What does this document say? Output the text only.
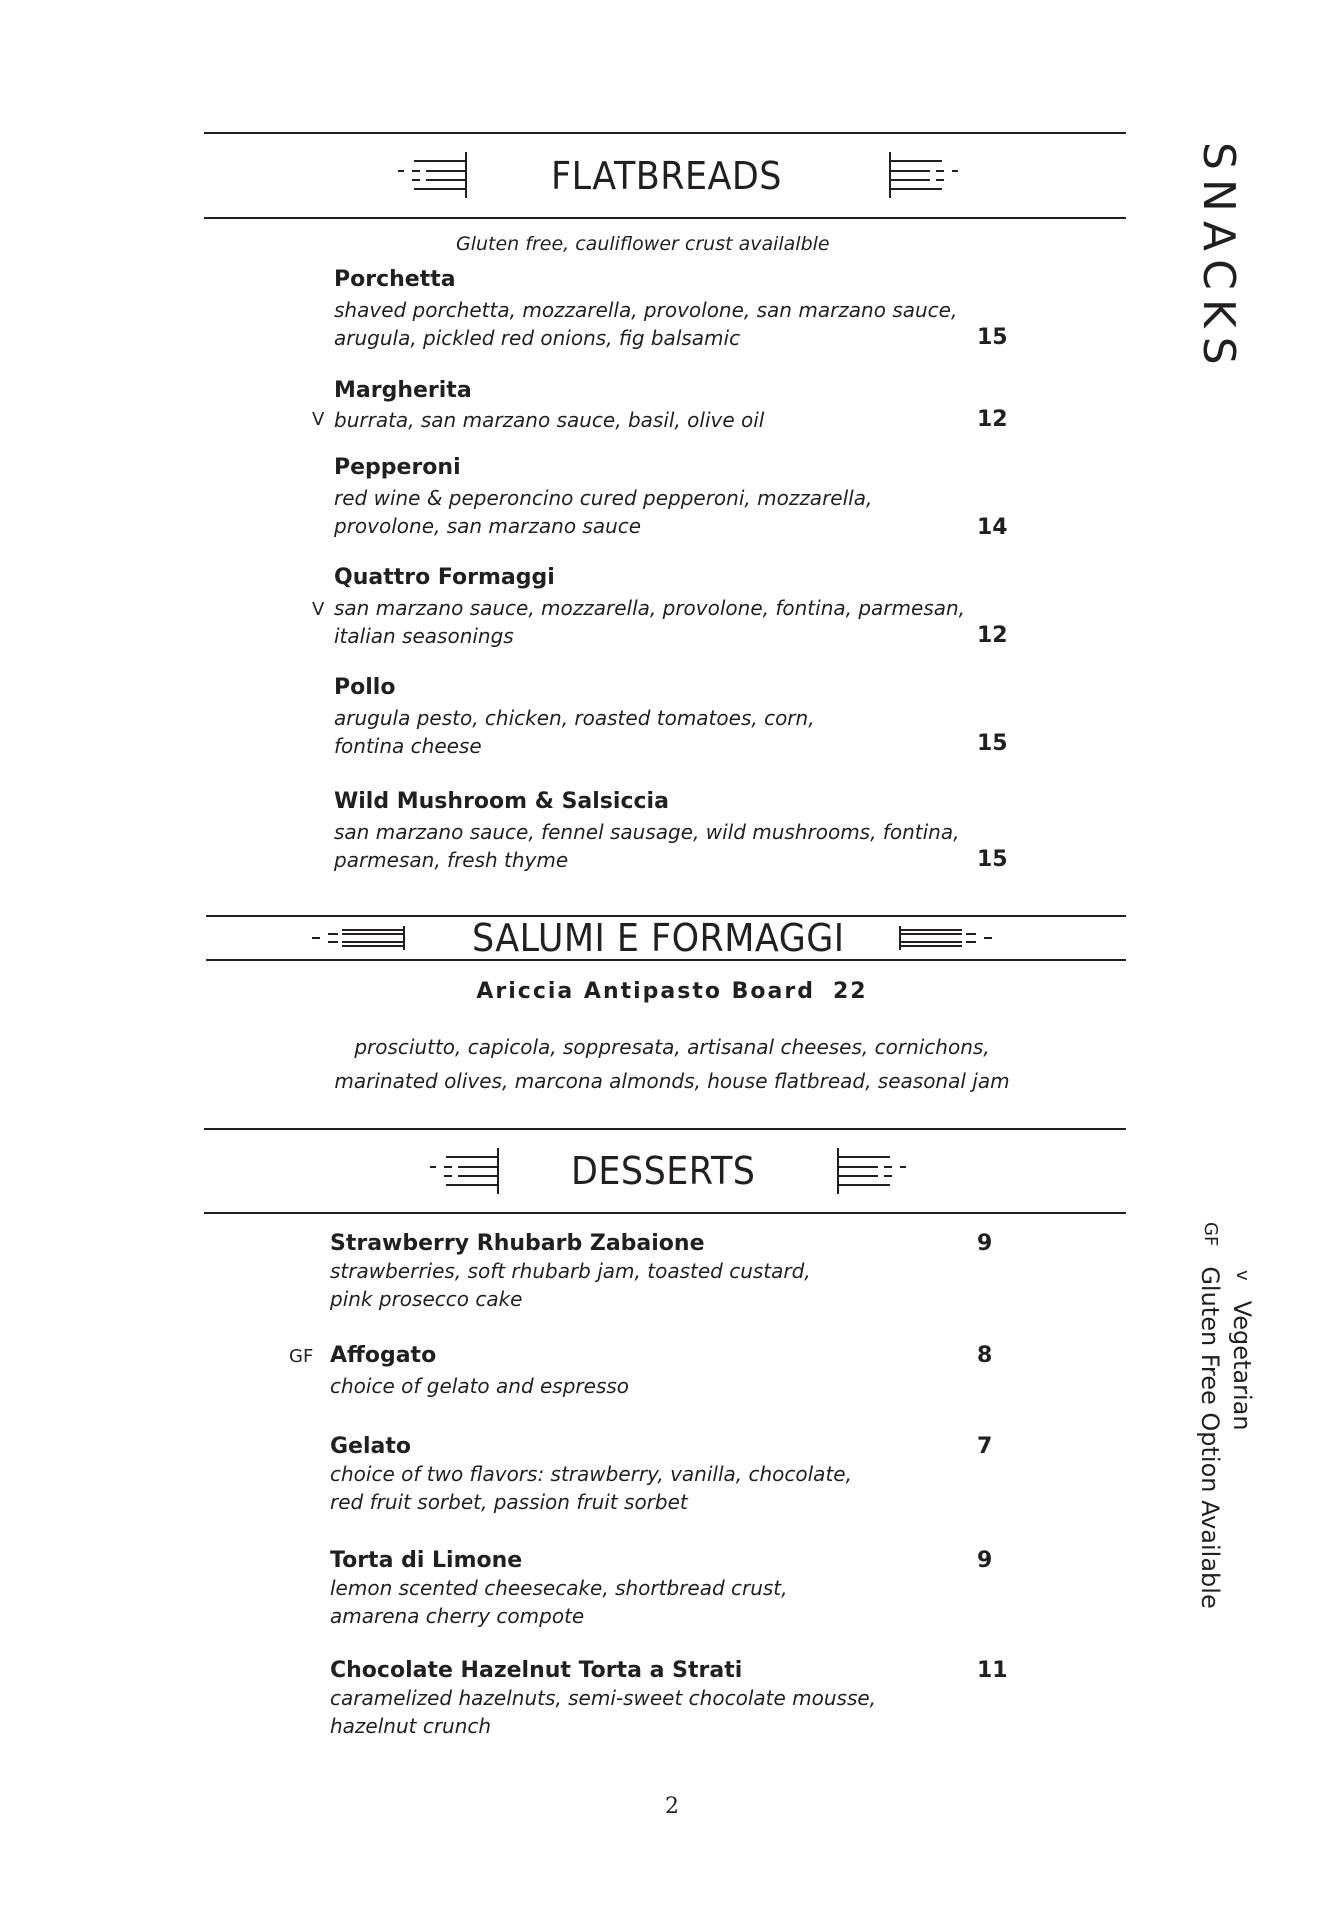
SNACKS
vVegetarian
GFGluten Free Option Available
FLATBREADS
Gluten free, cauliflower crust availalble
Porchetta
shaved porchetta, mozzarella, provolone, san marzano sauce,
arugula, pickled red onions, fig balsamic	15
V
Margherita
burrata, san marzano sauce, basil, olive oil	12
Pepperoni
red wine & peperoncino cured pepperoni, mozzarella,
provolone, san marzano sauce	14
V
Quattro Formaggi
san marzano sauce, mozzarella, provolone, fontina, parmesan,
italian seasonings	12
Pollo
arugula pesto, chicken, roasted tomatoes, corn,
fontina cheese	15
Wild Mushroom & Salsiccia
san marzano sauce, fennel sausage, wild mushrooms, fontina,
parmesan, fresh thyme	15
SALUMI E FORMAGGI
Ariccia Antipasto Board 22
prosciutto, capicola, soppresata, artisanal cheeses, cornichons,
marinated olives, marcona almonds, house flatbread, seasonal jam
DESSERTS
Strawberry Rhubarb Zabaione	9
strawberries, soft rhubarb jam, toasted custard,
pink prosecco cake
GF Affogato	8
choice of gelato and espresso
Gelato	7
choice of two flavors: strawberry, vanilla, chocolate,
red fruit sorbet, passion fruit sorbet
Torta di Limone	9
lemon scented cheesecake, shortbread crust,
amarena cherry compote
Chocolate Hazelnut Torta a Strati	11
caramelized hazelnuts, semi-sweet chocolate mousse,
hazelnut crunch
2
